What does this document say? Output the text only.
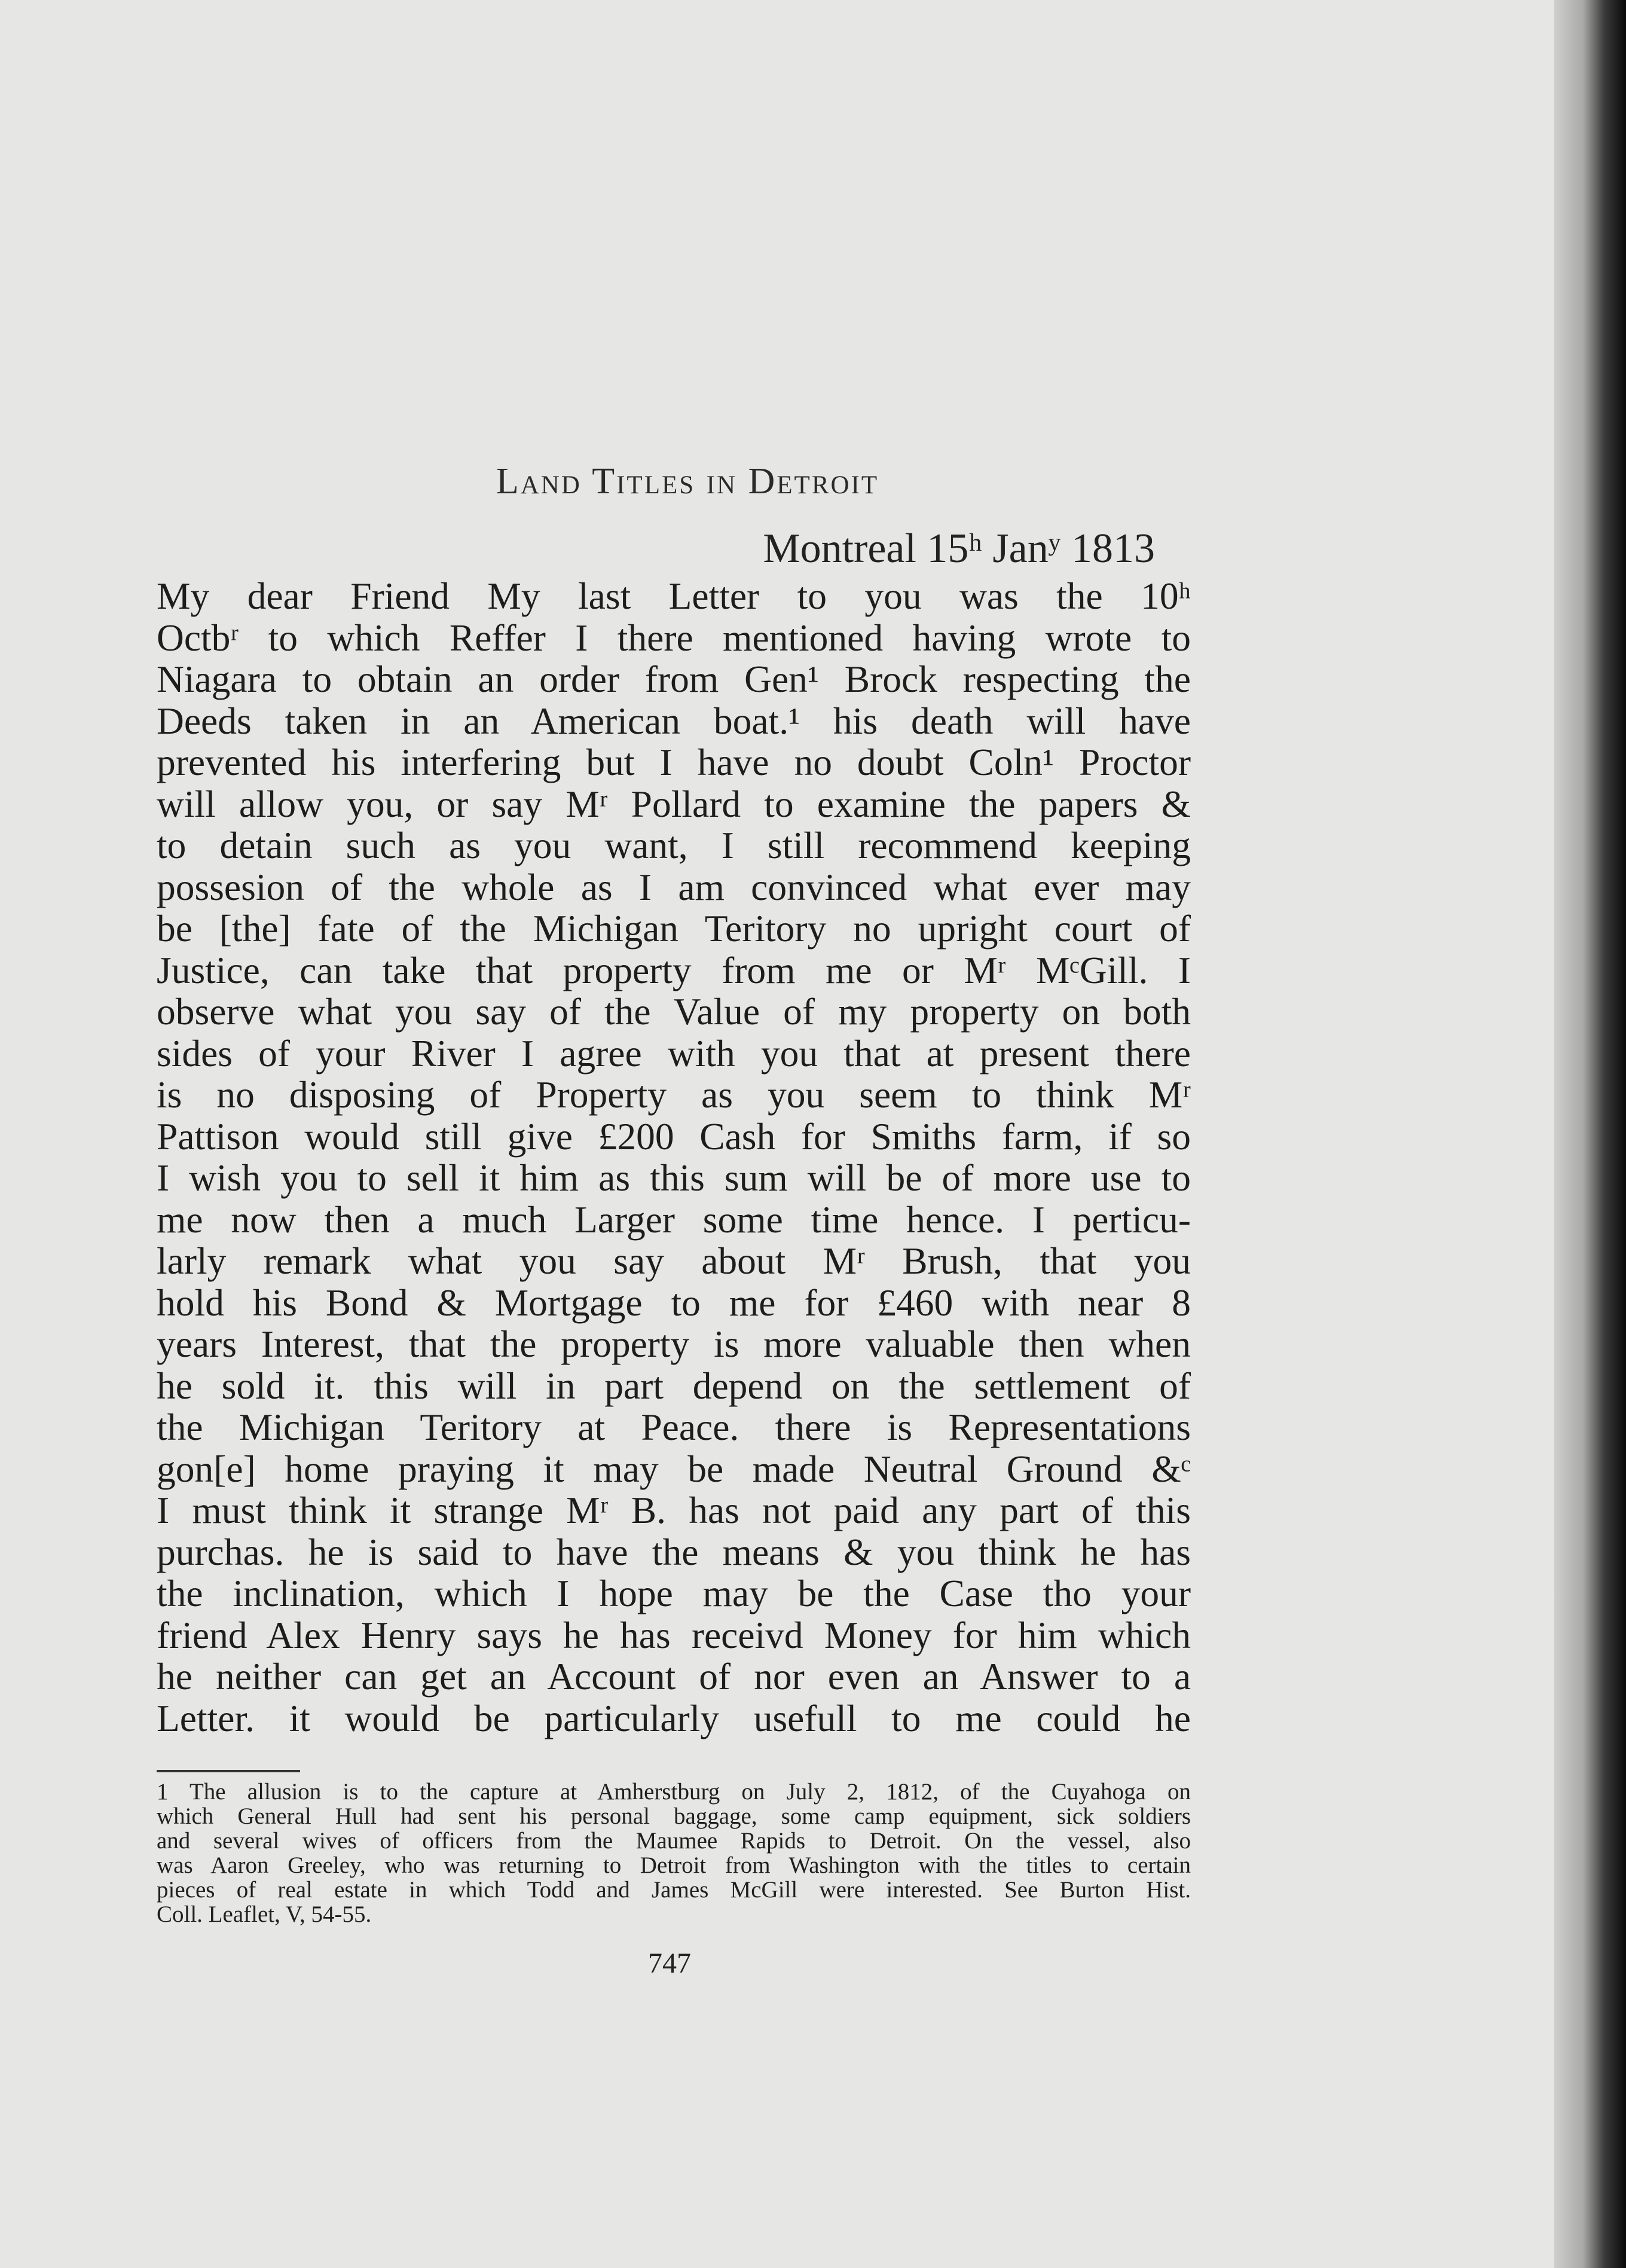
Land Titles in Detroit
Montreal 15ʰ Janʸ 1813
My dear Friend My last Letter to you was the 10ʰ
Octbʳ to which Reffer I there mentioned having wrote to
Niagara to obtain an order from Gen¹ Brock respecting the
Deeds taken in an American boat.¹ his death will have
prevented his interfering but I have no doubt Coln¹ Proctor
will allow you, or say Mʳ Pollard to examine the papers &
to detain such as you want, I still recommend keeping
possesion of the whole as I am convinced what ever may
be [the] fate of the Michigan Teritory no upright court of
Justice, can take that property from me or Mʳ MᶜGill. I
observe what you say of the Value of my property on both
sides of your River I agree with you that at present there
is no disposing of Property as you seem to think Mʳ
Pattison would still give £200 Cash for Smiths farm, if so
I wish you to sell it him as this sum will be of more use to
me now then a much Larger some time hence. I perticu-
larly remark what you say about Mʳ Brush, that you
hold his Bond & Mortgage to me for £460 with near 8
years Interest, that the property is more valuable then when
he sold it. this will in part depend on the settlement of
the Michigan Teritory at Peace. there is Representations
gon[e] home praying it may be made Neutral Ground &ᶜ
I must think it strange Mʳ B. has not paid any part of this
purchas. he is said to have the means & you think he has
the inclination, which I hope may be the Case tho your
friend Alex Henry says he has receivd Money for him which
he neither can get an Account of nor even an Answer to a
Letter. it would be particularly usefull to me could he
1 The allusion is to the capture at Amherstburg on July 2, 1812, of the Cuyahoga on
which General Hull had sent his personal baggage, some camp equipment, sick soldiers
and several wives of officers from the Maumee Rapids to Detroit. On the vessel, also
was Aaron Greeley, who was returning to Detroit from Washington with the titles to certain
pieces of real estate in which Todd and James McGill were interested. See Burton Hist.
Coll. Leaflet, V, 54-55.
747
